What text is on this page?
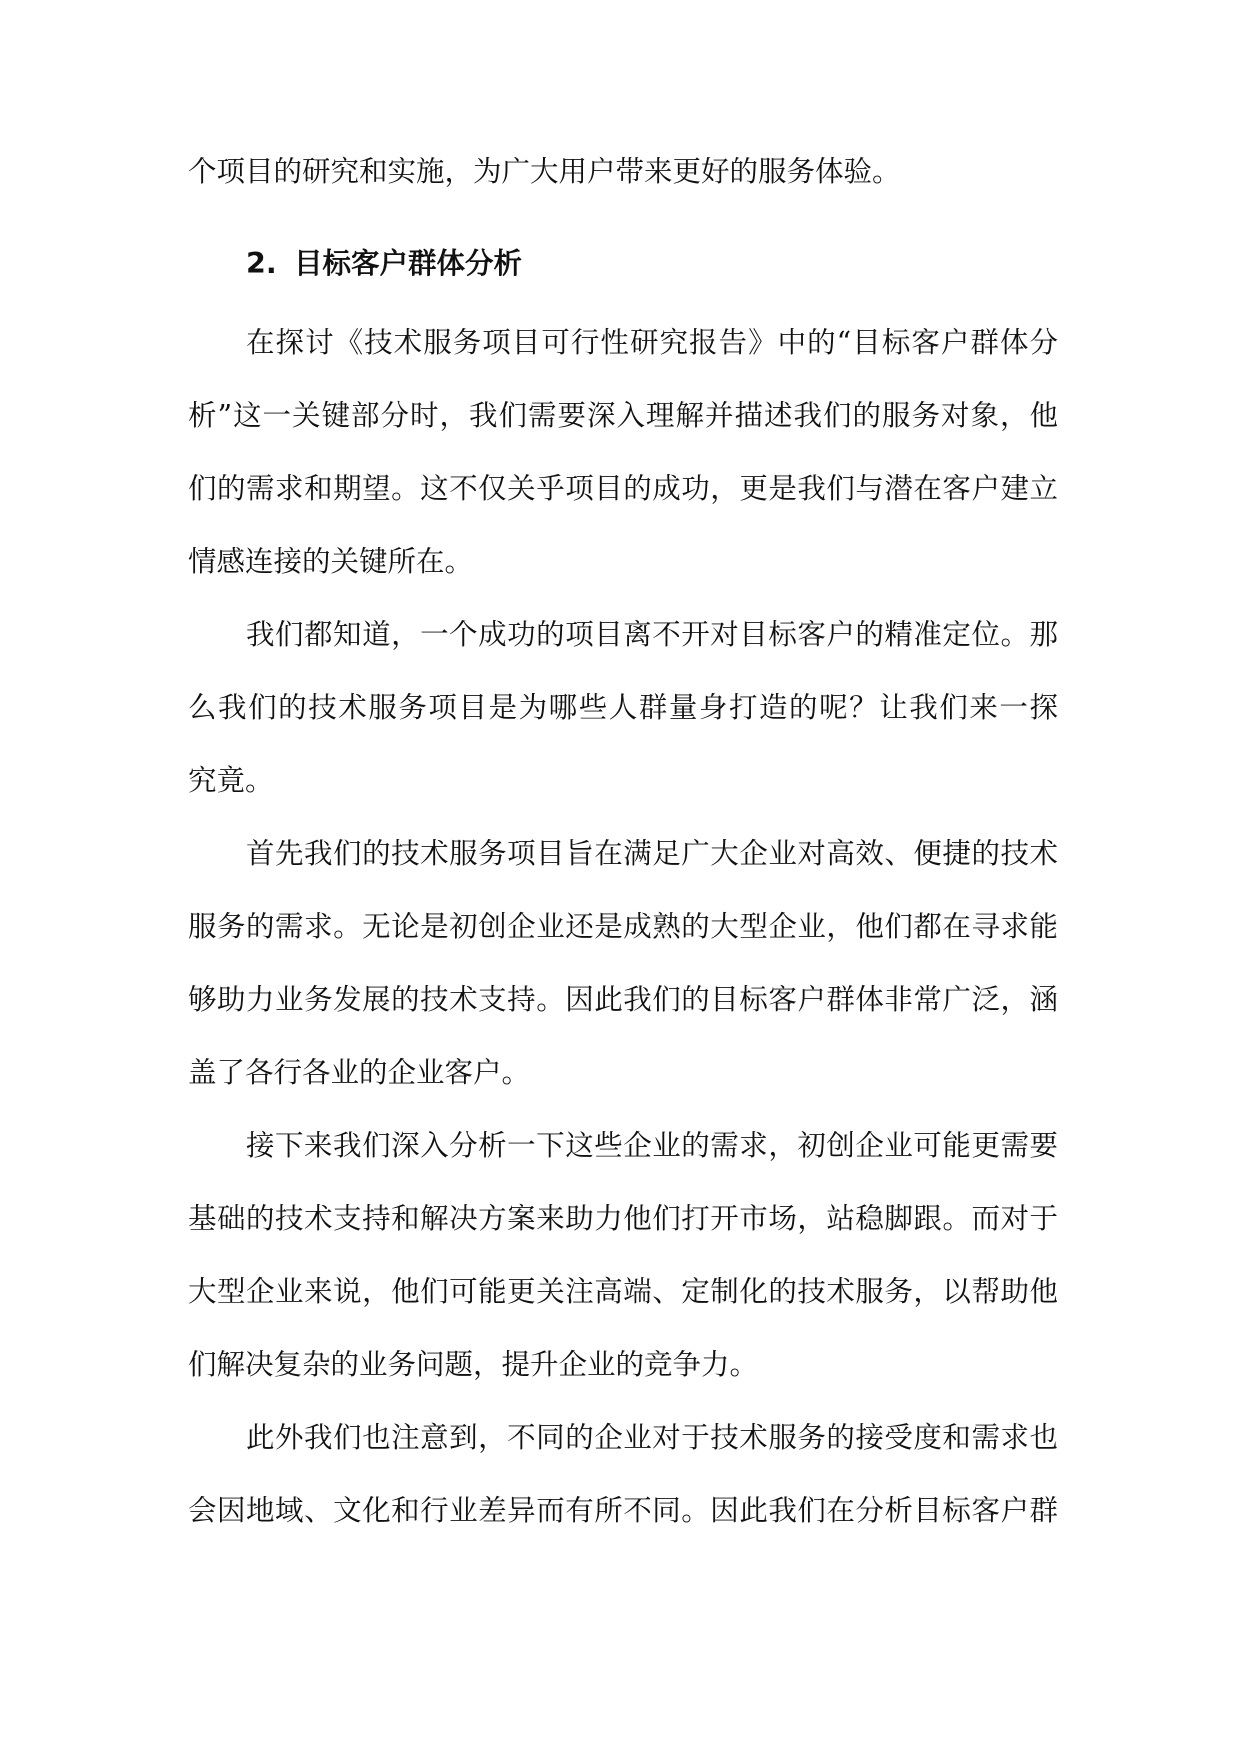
个项目的研究和实施，为广大用户带来更好的服务体验。
2. 目标客户群体分析
在探讨《技术服务项目可行性研究报告》中的“目标客户群体分
析”这一关键部分时，我们需要深入理解并描述我们的服务对象，他
们的需求和期望。这不仅关乎项目的成功，更是我们与潜在客户建立
情感连接的关键所在。
我们都知道，一个成功的项目离不开对目标客户的精准定位。那
么我们的技术服务项目是为哪些人群量身打造的呢？让我们来一探
究竟。
首先我们的技术服务项目旨在满足广大企业对高效、便捷的技术
服务的需求。无论是初创企业还是成熟的大型企业，他们都在寻求能
够助力业务发展的技术支持。因此我们的目标客户群体非常广泛，涵
盖了各行各业的企业客户。
接下来我们深入分析一下这些企业的需求，初创企业可能更需要
基础的技术支持和解决方案来助力他们打开市场，站稳脚跟。而对于
大型企业来说，他们可能更关注高端、定制化的技术服务，以帮助他
们解决复杂的业务问题，提升企业的竞争力。
此外我们也注意到，不同的企业对于技术服务的接受度和需求也
会因地域、文化和行业差异而有所不同。因此我们在分析目标客户群
